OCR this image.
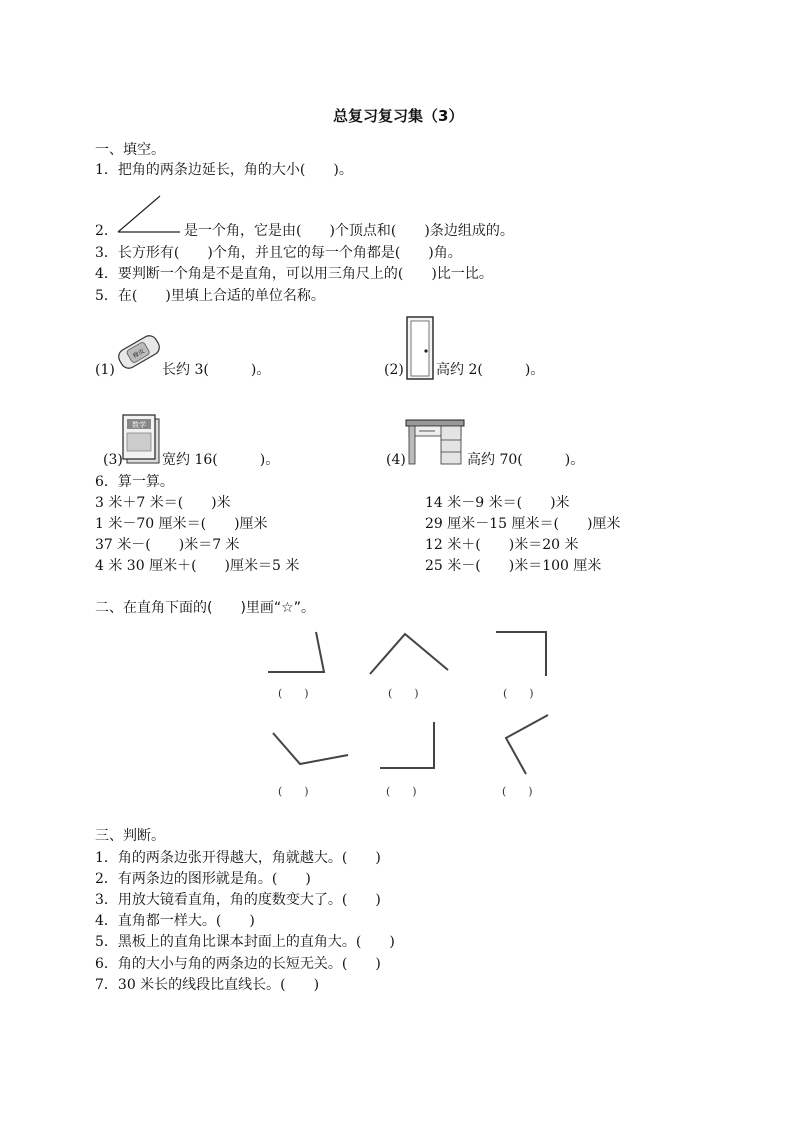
总复习复习集（3）
一、填空。
1．把角的两条边延长，角的大小(　　)。
2.	是一个角，它是由(　　)个顶点和(　　)条边组成的。
3．长方形有(　　)个角，并且它的每一个角都是(　　)角。
4．要判断一个角是不是直角，可以用三角尺上的(　　)比一比。
5．在(　　)里填上合适的单位名称。
(1)
橡皮
长约 3(　　　)。	(2) 高约 2(　　　)。
(3)
数学
宽约 16(　　　)。	(4)	高约 70(　　　)。
6．算一算。
3 米＋7 米＝(　　)米
1 米－70 厘米＝(　　)厘米
37 米－(　　)米＝7 米
4 米 30 厘米＋(　　)厘米＝5 米
14 米－9 米＝(　　)米
29 厘米－15 厘米＝(　　)厘米
12 米＋(　　)米＝20 米
25 米－(　　)米＝100 厘米
二、在直角下面的(　　)里画“☆”。
(　　)	(　　)	(　　)
(　　)	(　　)	(　　)
三、判断。
1．角的两条边张开得越大，角就越大。(　　)
2．有两条边的图形就是角。(　　)
3．用放大镜看直角，角的度数变大了。(　　)
4．直角都一样大。(　　)
5．黑板上的直角比课本封面上的直角大。(　　)
6．角的大小与角的两条边的长短无关。(　　)
7．30 米长的线段比直线长。(　　)
